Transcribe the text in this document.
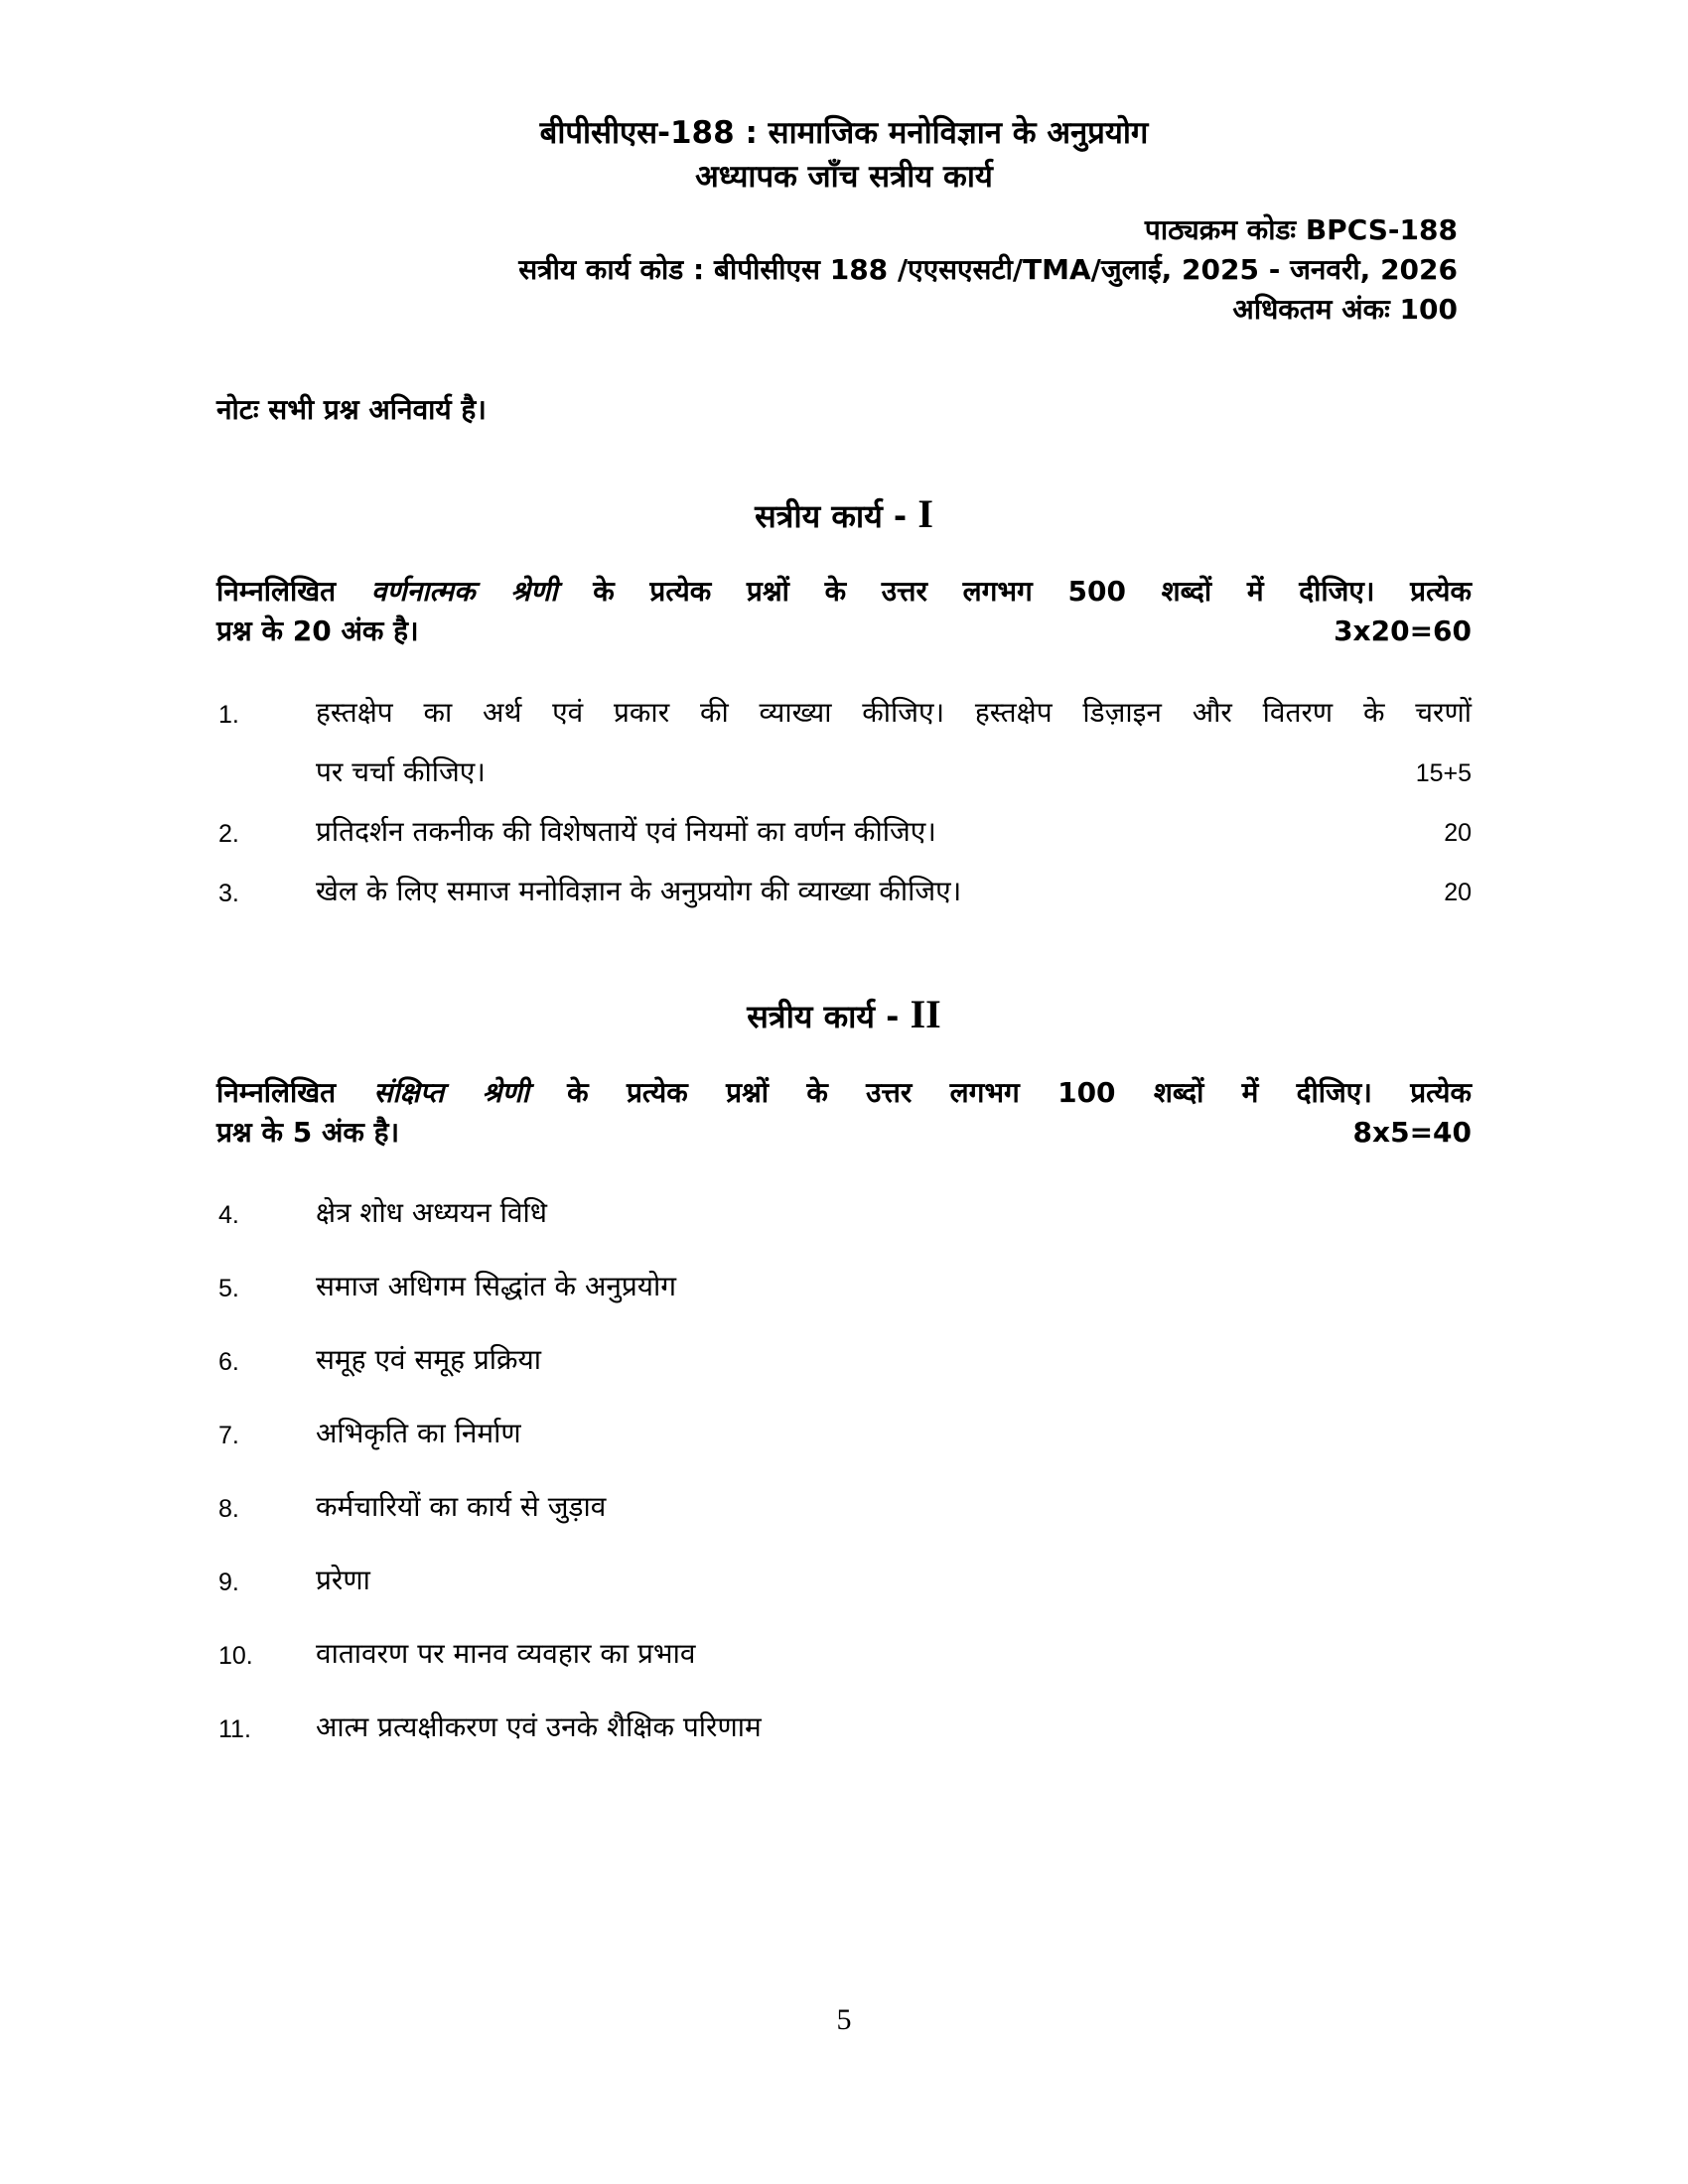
बीपीसीएस-188 : सामाजिक मनोविज्ञान के अनुप्रयोग
अध्यापक जाँच सत्रीय कार्य
पाठ्यक्रम कोडः BPCS-188
सत्रीय कार्य कोड : बीपीसीएस 188 /एएसएसटी/TMA/जुलाई, 2025 - जनवरी, 2026
अधिकतम अंकः 100
नोटः सभी प्रश्न अनिवार्य है।
सत्रीय कार्य - I
निम्नलिखित वर्णनात्मक श्रेणी के प्रत्येक प्रश्नों के उत्तर लगभग 500 शब्दों में दीजिए। प्रत्येक
प्रश्न के 20 अंक है।	3x20=60
1.	हस्तक्षेप का अर्थ एवं प्रकार की व्याख्या कीजिए। हस्तक्षेप डिज़ाइन और वितरण के चरणों
पर चर्चा कीजिए।	15+5
2.	प्रतिदर्शन तकनीक की विशेषतायें एवं नियमों का वर्णन कीजिए।	20
3.	खेल के लिए समाज मनोविज्ञान के अनुप्रयोग की व्याख्या कीजिए।	20
सत्रीय कार्य - II
निम्नलिखित संक्षिप्त श्रेणी के प्रत्येक प्रश्नों के उत्तर लगभग 100 शब्दों में दीजिए। प्रत्येक
प्रश्न के 5 अंक है।	8x5=40
4.	क्षेत्र शोध अध्ययन विधि
5.	समाज अधिगम सिद्धांत के अनुप्रयोग
6.	समूह एवं समूह प्रक्रिया
7.	अभिकृति का निर्माण
8.	कर्मचारियों का कार्य से जुड़ाव
9.	प्ररेणा
10. वातावरण पर मानव व्यवहार का प्रभाव
11. आत्म प्रत्यक्षीकरण एवं उनके शैक्षिक परिणाम
5
